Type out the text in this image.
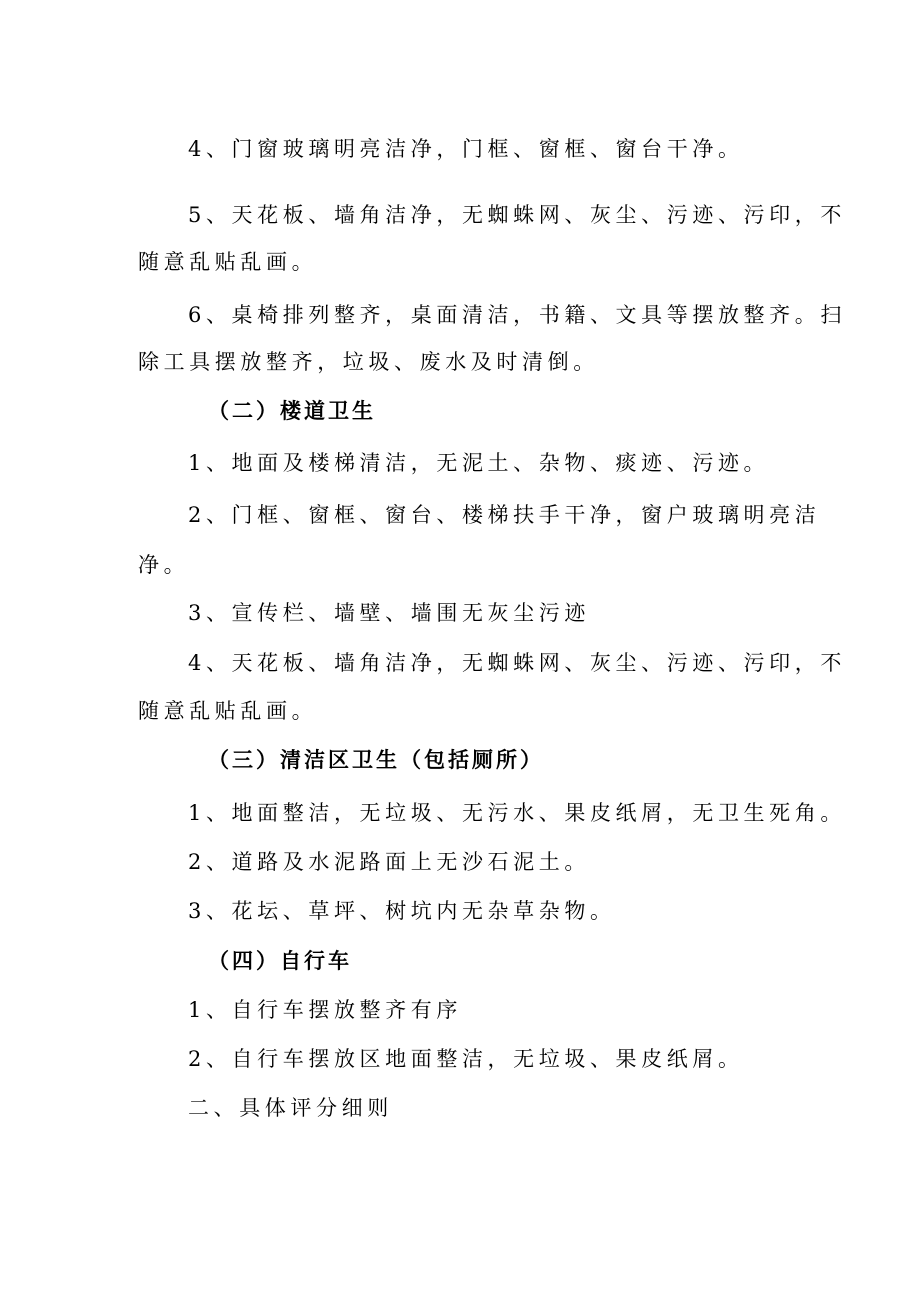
4、门窗玻璃明亮洁净，门框、窗框、窗台干净。

5、天花板、墙角洁净，无蜘蛛网、灰尘、污迹、污印，不

随意乱贴乱画。

6、桌椅排列整齐，桌面清洁，书籍、文具等摆放整齐。扫

除工具摆放整齐，垃圾、废水及时清倒。

（二）楼道卫生

1、地面及楼梯清洁，无泥土、杂物、痰迹、污迹。

2、门框、窗框、窗台、楼梯扶手干净，窗户玻璃明亮洁

净。

3、宣传栏、墙壁、墙围无灰尘污迹

4、天花板、墙角洁净，无蜘蛛网、灰尘、污迹、污印，不

随意乱贴乱画。

（三）清洁区卫生（包括厕所）

1、地面整洁，无垃圾、无污水、果皮纸屑，无卫生死角。

2、道路及水泥路面上无沙石泥土。

3、花坛、草坪、树坑内无杂草杂物。

（四）自行车

1、自行车摆放整齐有序

2、自行车摆放区地面整洁，无垃圾、果皮纸屑。

二、具体评分细则
